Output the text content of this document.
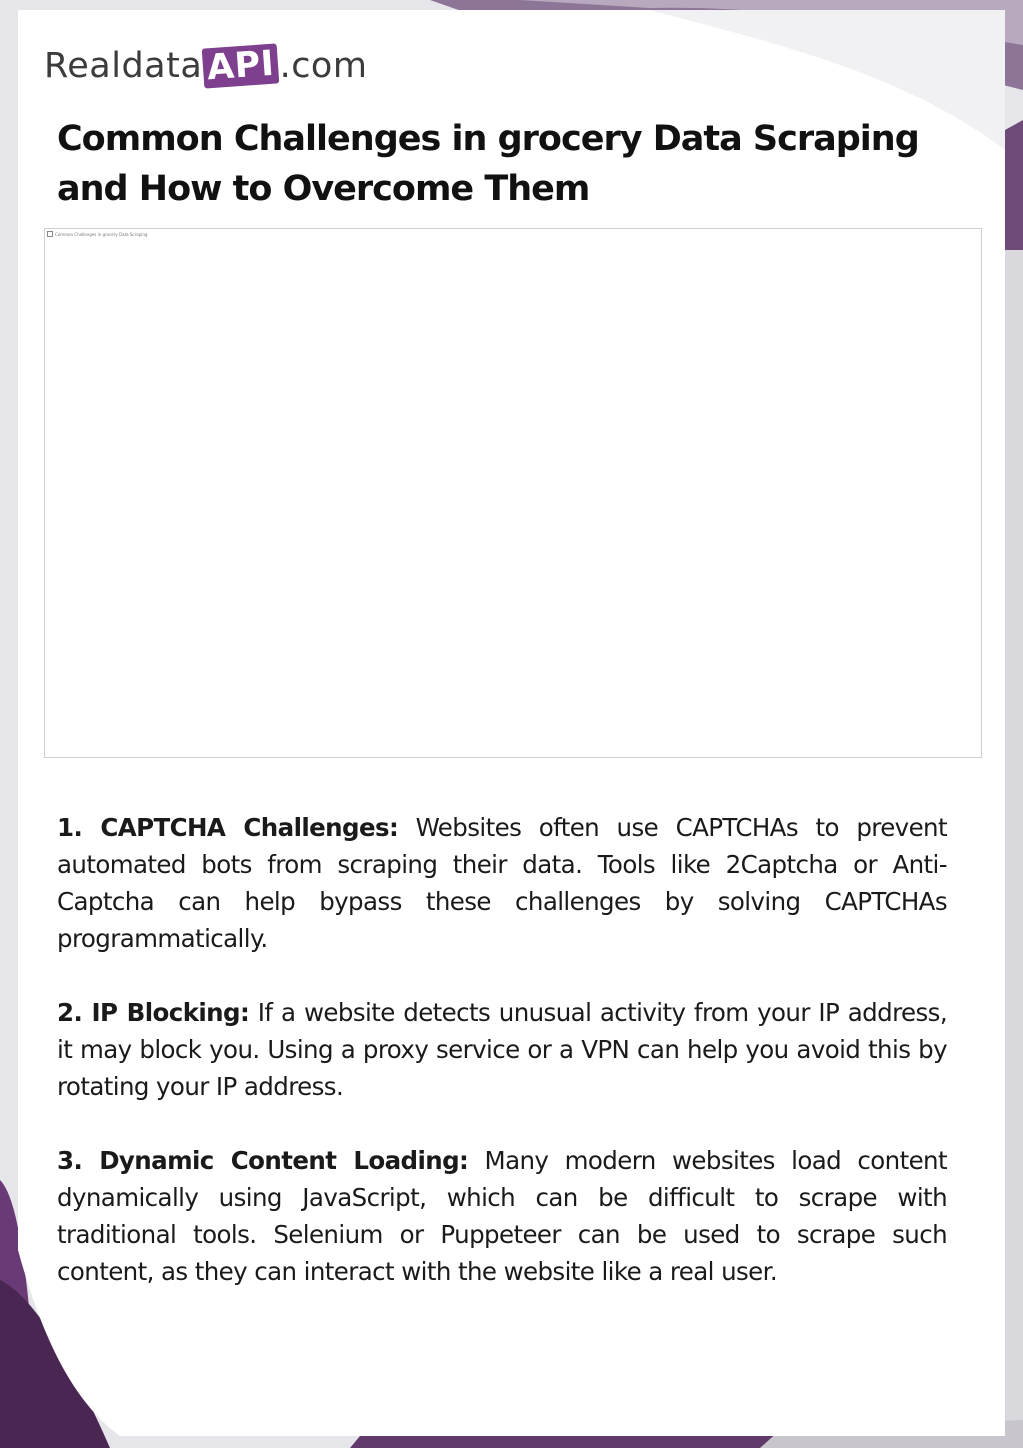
Realdata API .com
Common Challenges in grocery Data Scraping and How to Overcome Them
Common Challenges in grocery Data Scraping

1. CAPTCHA Challenges: Websites often use CAPTCHAs to prevent automated bots from scraping their data. Tools like 2Captcha or Anti-Captcha can help bypass these challenges by solving CAPTCHAs programmatically.

2. IP Blocking: If a website detects unusual activity from your IP address, it may block you. Using a proxy service or a VPN can help you avoid this by rotating your IP address.

3. Dynamic Content Loading: Many modern websites load content dynamically using JavaScript, which can be difficult to scrape with traditional tools. Selenium or Puppeteer can be used to scrape such content, as they can interact with the website like a real user.
